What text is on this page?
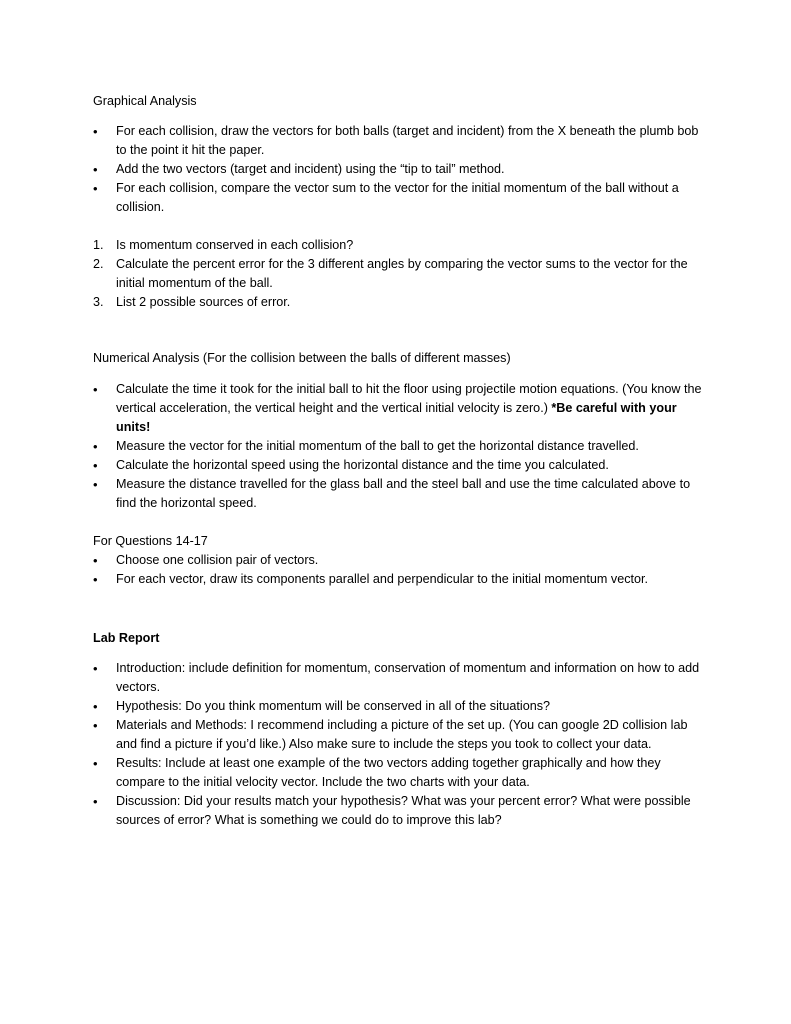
Graphical Analysis

• For each collision, draw the vectors for both balls (target and incident) from the X beneath the plumb bob to the point it hit the paper.
• Add the two vectors (target and incident) using the “tip to tail” method.
• For each collision, compare the vector sum to the vector for the initial momentum of the ball without a collision.
1. Is momentum conserved in each collision?
2. Calculate the percent error for the 3 different angles by comparing the vector sums to the vector for the initial momentum of the ball.
3. List 2 possible sources of error.

Numerical Analysis (For the collision between the balls of different masses)

• Calculate the time it took for the initial ball to hit the floor using projectile motion equations. (You know the vertical acceleration, the vertical height and the vertical initial velocity is zero.) *Be careful with your units!
• Measure the vector for the initial momentum of the ball to get the horizontal distance travelled.
• Calculate the horizontal speed using the horizontal distance and the time you calculated.
• Measure the distance travelled for the glass ball and the steel ball and use the time calculated above to find the horizontal speed.

For Questions 14-17

• Choose one collision pair of vectors.
• For each vector, draw its components parallel and perpendicular to the initial momentum vector.

Lab Report

• Introduction: include definition for momentum, conservation of momentum and information on how to add vectors.
• Hypothesis: Do you think momentum will be conserved in all of the situations?
• Materials and Methods: I recommend including a picture of the set up. (You can google 2D collision lab and find a picture if you’d like.) Also make sure to include the steps you took to collect your data.
• Results: Include at least one example of the two vectors adding together graphically and how they compare to the initial velocity vector. Include the two charts with your data.
• Discussion: Did your results match your hypothesis? What was your percent error? What were possible sources of error? What is something we could do to improve this lab?
